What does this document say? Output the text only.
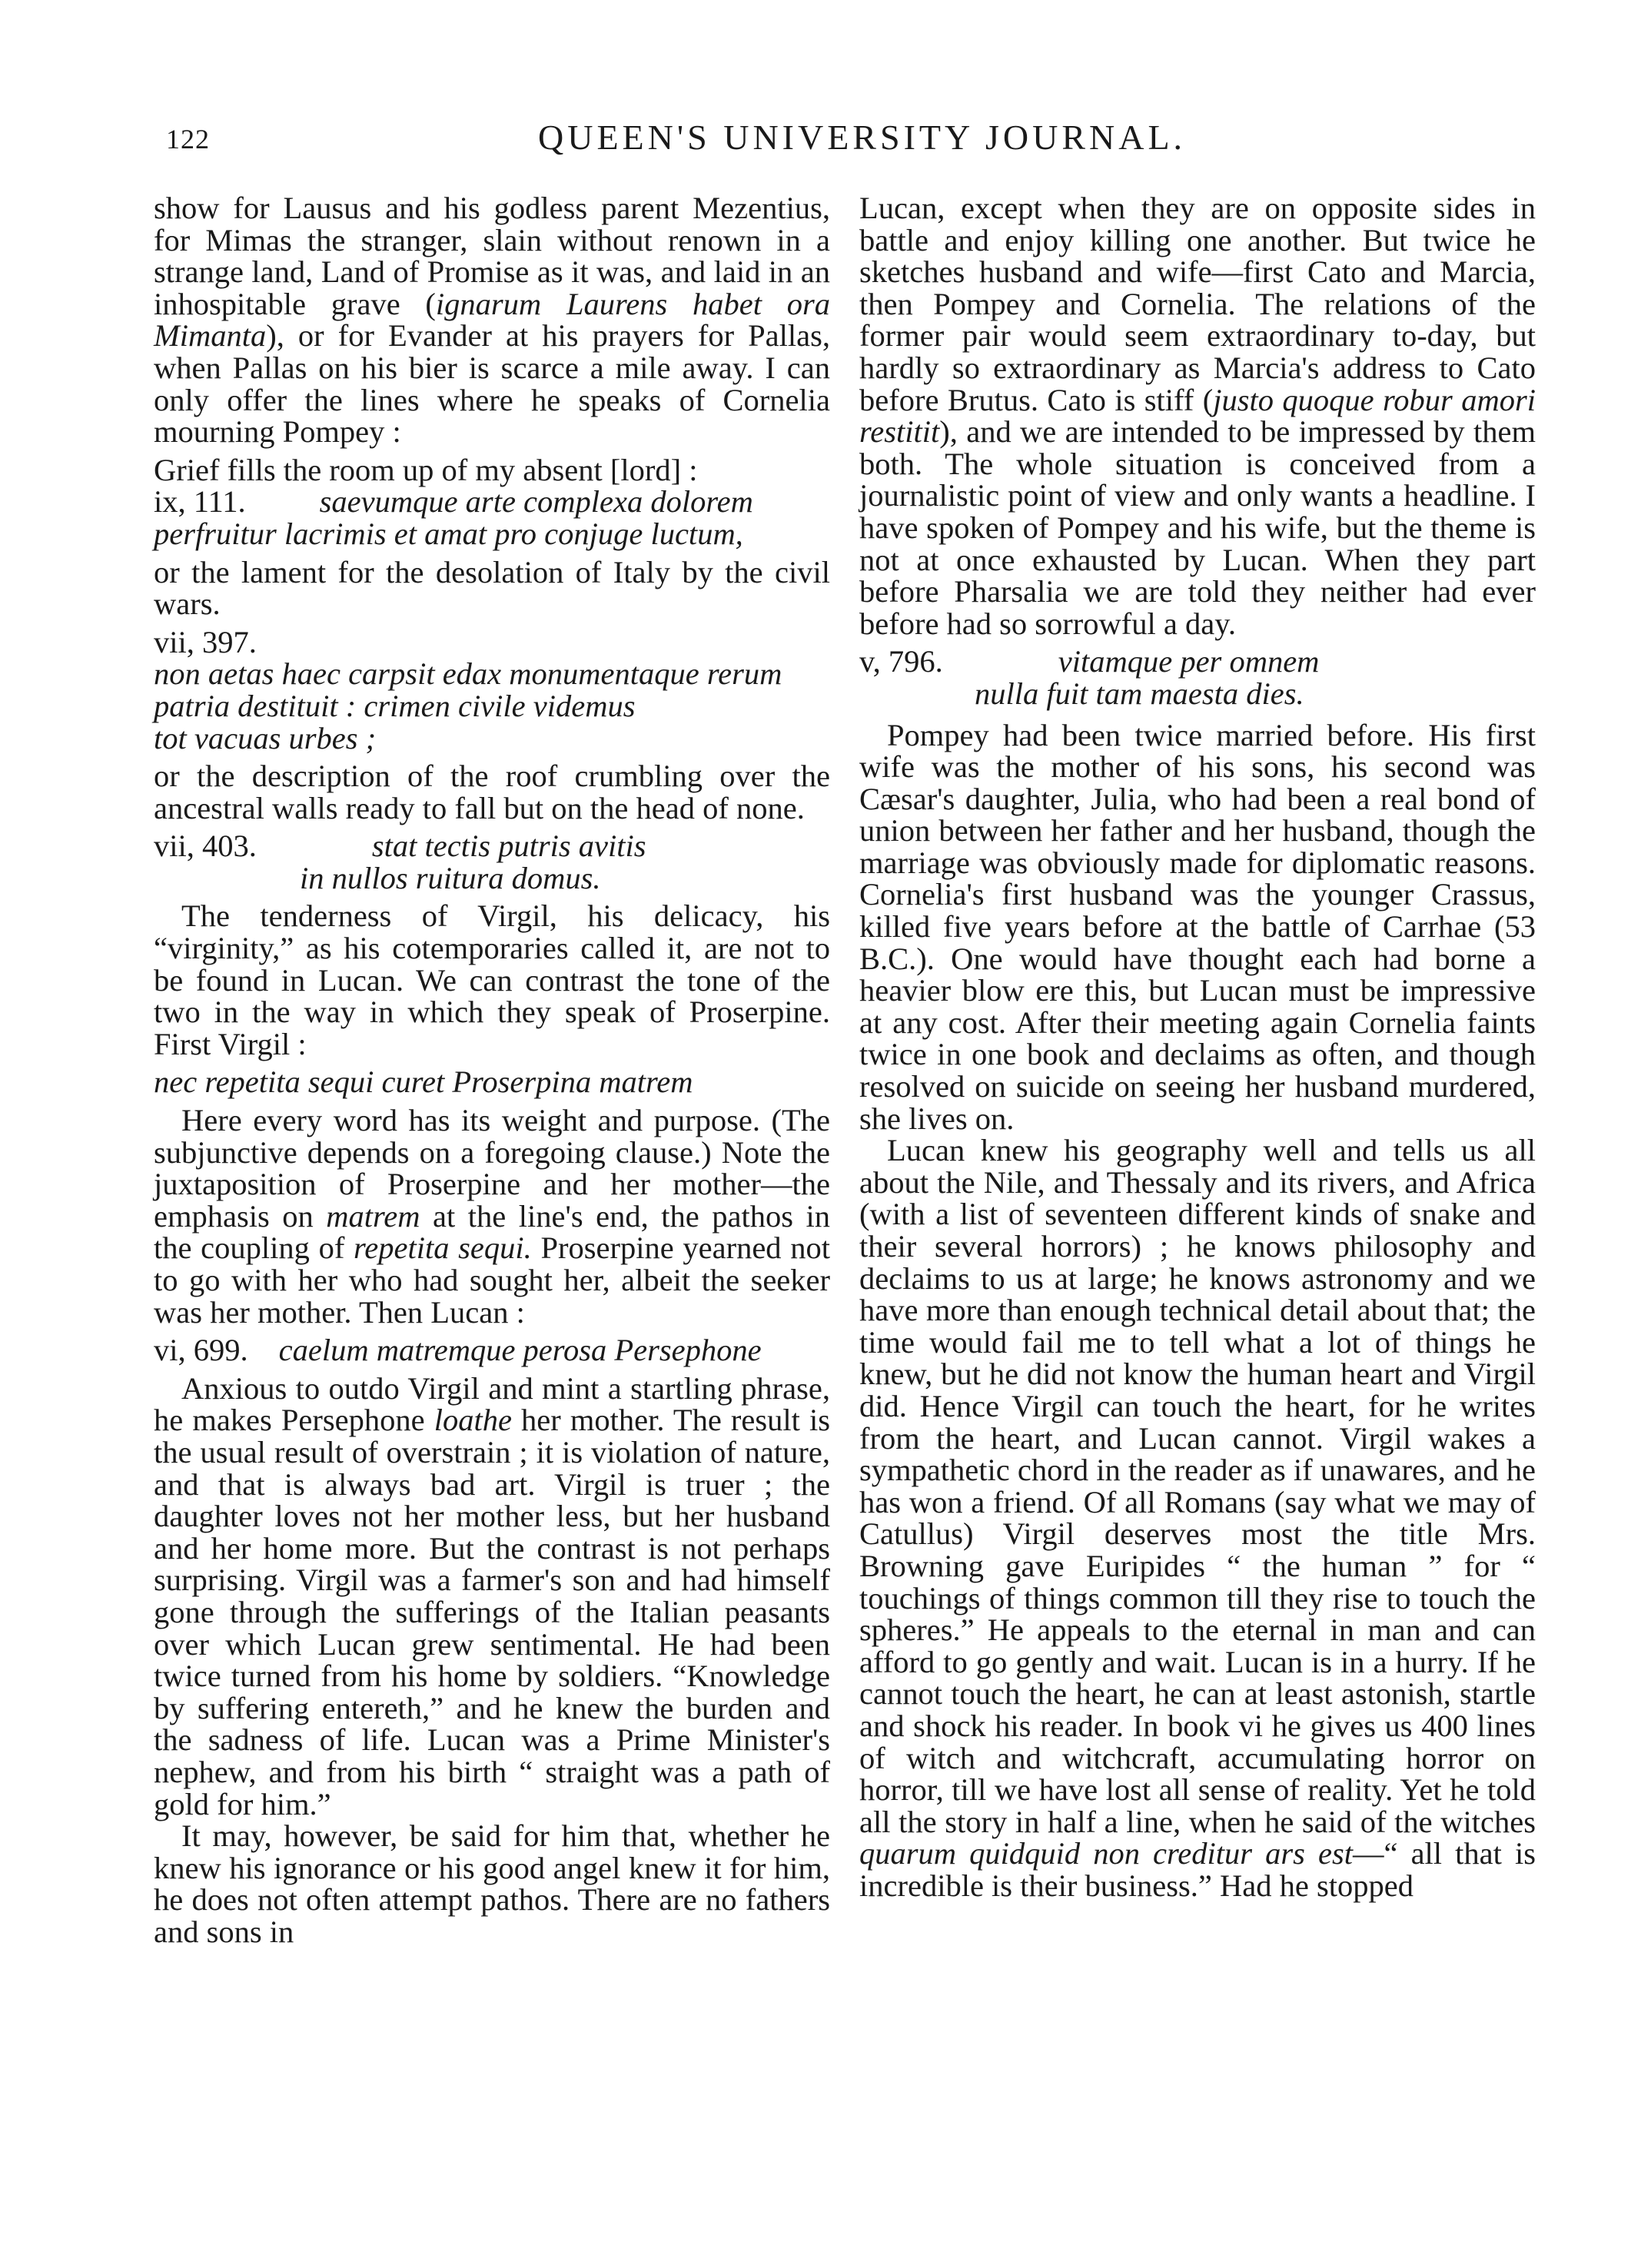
122	QUEEN'S UNIVERSITY JOURNAL.

show for Lausus and his godless parent Mezentius, for Mimas the stranger, slain without renown in a strange land, Land of Promise as it was, and laid in an inhospitable grave (ignarum Laurens habet ora Mimanta), or for Evander at his prayers for Pallas, when Pallas on his bier is scarce a mile away. I can only offer the lines where he speaks of Cornelia mourning Pompey :

Grief fills the room up of my absent [lord] :
ix, 111. saevumque arte complexa dolorem
perfruitur lacrimis et amat pro conjuge luctum,

or the lament for the desolation of Italy by the civil wars.

vii, 397.
non aetas haec carpsit edax monumentaque rerum
patria destituit : crimen civile videmus
tot vacuas urbes ;

or the description of the roof crumbling over the ancestral walls ready to fall but on the head of none.

vii, 403.	stat tectis putris avitis
in nullos ruitura domus.

The tenderness of Virgil, his delicacy, his “virginity,” as his cotemporaries called it, are not to be found in Lucan. We can contrast the tone of the two in the way in which they speak of Proserpine. First Virgil :

nec repetita sequi curet Proserpina matrem

Here every word has its weight and purpose. (The subjunctive depends on a foregoing clause.) Note the juxtaposition of Proserpine and her mother—the emphasis on matrem at the line's end, the pathos in the coupling of repetita sequi. Proserpine yearned not to go with her who had sought her, albeit the seeker was her mother. Then Lucan :

vi, 699. caelum matremque perosa Persephone

Anxious to outdo Virgil and mint a startling phrase, he makes Persephone loathe her mother. The result is the usual result of overstrain ; it is violation of nature, and that is always bad art. Virgil is truer ; the daughter loves not her mother less, but her husband and her home more. But the contrast is not perhaps surprising. Virgil was a farmer's son and had himself gone through the sufferings of the Italian peasants over which Lucan grew sentimental. He had been twice turned from his home by soldiers. “Knowledge by suffering entereth,” and he knew the burden and the sadness of life. Lucan was a Prime Minister's nephew, and from his birth “ straight was a path of gold for him.”

It may, however, be said for him that, whether he knew his ignorance or his good angel knew it for him, he does not often attempt pathos. There are no fathers and sons in

Lucan, except when they are on opposite sides in battle and enjoy killing one another. But twice he sketches husband and wife—first Cato and Marcia, then Pompey and Cornelia. The relations of the former pair would seem extraordinary to-day, but hardly so extraordinary as Marcia's address to Cato before Brutus. Cato is stiff (justo quoque robur amori restitit), and we are intended to be impressed by them both. The whole situation is conceived from a journalistic point of view and only wants a headline. I have spoken of Pompey and his wife, but the theme is not at once exhausted by Lucan. When they part before Pharsalia we are told they neither had ever before had so sorrowful a day.

v, 796.	vitamque per omnem
nulla fuit tam maesta dies.

Pompey had been twice married before. His first wife was the mother of his sons, his second was Cæsar's daughter, Julia, who had been a real bond of union between her father and her husband, though the marriage was obviously made for diplomatic reasons. Cornelia's first husband was the younger Crassus, killed five years before at the battle of Carrhae (53 B.C.). One would have thought each had borne a heavier blow ere this, but Lucan must be impressive at any cost. After their meeting again Cornelia faints twice in one book and declaims as often, and though resolved on suicide on seeing her husband murdered, she lives on.

Lucan knew his geography well and tells us all about the Nile, and Thessaly and its rivers, and Africa (with a list of seventeen different kinds of snake and their several horrors) ; he knows philosophy and declaims to us at large; he knows astronomy and we have more than enough technical detail about that; the time would fail me to tell what a lot of things he knew, but he did not know the human heart and Virgil did. Hence Virgil can touch the heart, for he writes from the heart, and Lucan cannot. Virgil wakes a sympathetic chord in the reader as if unawares, and he has won a friend. Of all Romans (say what we may of Catullus) Virgil deserves most the title Mrs. Browning gave Euripides “ the human ” for “ touchings of things common till they rise to touch the spheres.” He appeals to the eternal in man and can afford to go gently and wait. Lucan is in a hurry. If he cannot touch the heart, he can at least astonish, startle and shock his reader. In book vi he gives us 400 lines of witch and witchcraft, accumulating horror on horror, till we have lost all sense of reality. Yet he told all the story in half a line, when he said of the witches quarum quidquid non creditur ars est—“ all that is incredible is their business.” Had he stopped
